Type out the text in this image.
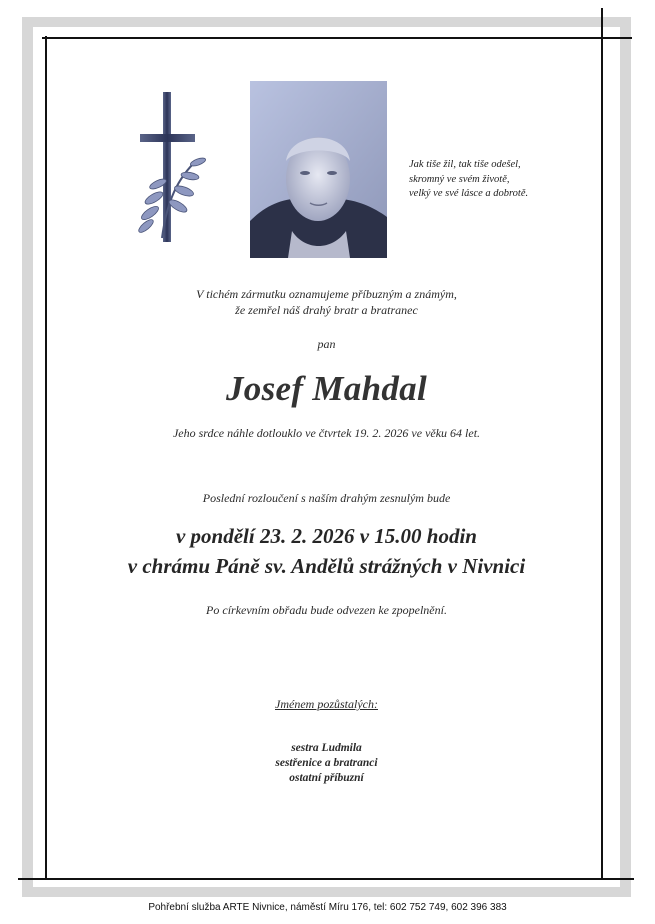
Jak tiše žil, tak tiše odešel,
skromný ve svém životě,
velký ve své lásce a dobrotě.
V tichém zármutku oznamujeme příbuzným a známým,
že zemřel náš drahý bratr a bratranec
pan
Josef Mahdal
Jeho srdce náhle dotlouklo ve čtvrtek 19. 2. 2026 ve věku 64 let.
Poslední rozloučení s naším drahým zesnulým bude
v pondělí 23. 2. 2026 v 15.00 hodin
v chrámu Páně sv. Andělů strážných v Nivnici
Po církevním obřadu bude odvezen ke zpopelnění.
Jménem pozůstalých:
sestra Ludmila
sestřenice a bratranci
ostatní příbuzní
Pohřební služba ARTE Nivnice, náměstí Míru 176, tel: 602 752 749, 602 396 383
